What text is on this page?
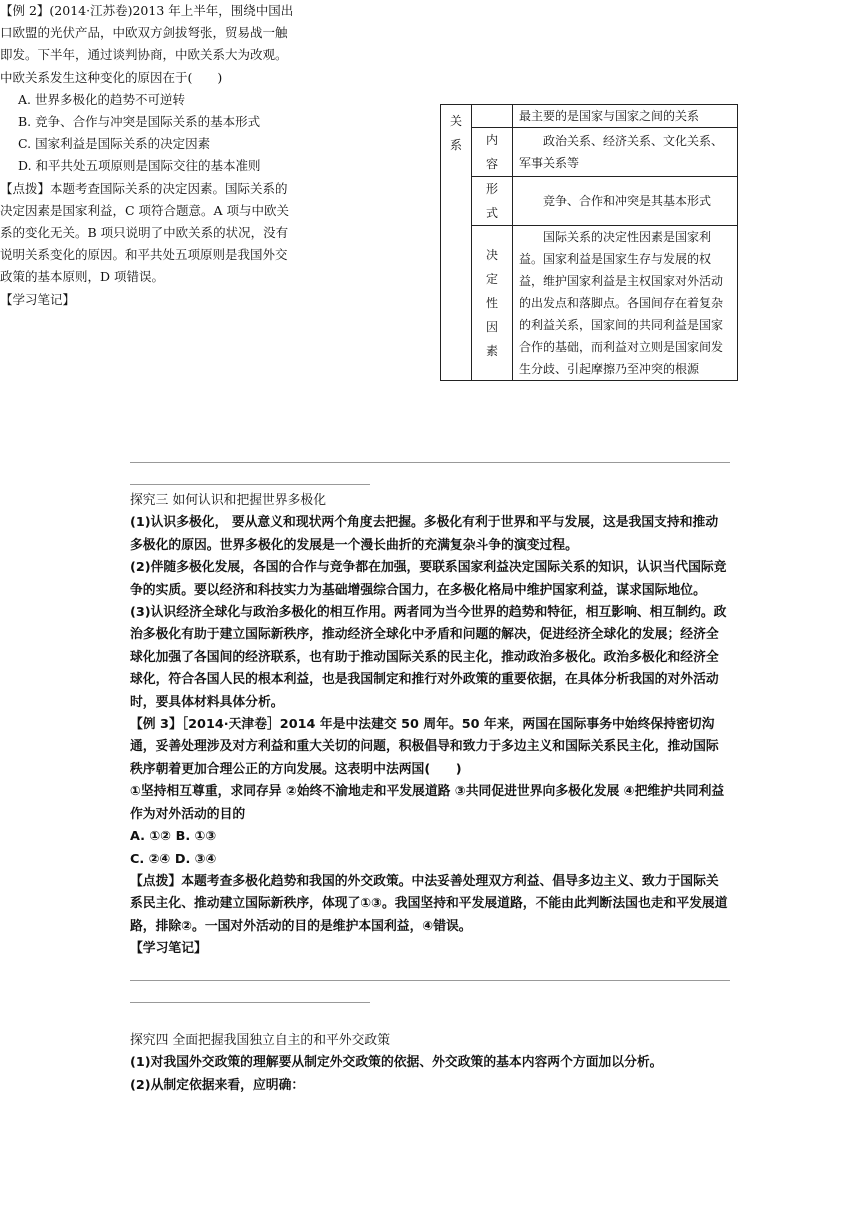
【例 2】(2014·江苏卷)2013 年上半年，围绕中国出

口欧盟的光伏产品，中欧双方剑拔弩张，贸易战一触

即发。下半年，通过谈判协商，中欧关系大为改观。

中欧关系发生这种变化的原因在于(　　)

A. 世界多极化的趋势不可逆转

B. 竞争、合作与冲突是国际关系的基本形式

C. 国家利益是国际关系的决定因素

D. 和平共处五项原则是国际交往的基本准则

【点拨】本题考查国际关系的决定因素。国际关系的

决定因素是国家利益，C 项符合题意。A 项与中欧关

系的变化无关。B 项只说明了中欧关系的状况，没有

说明关系变化的原因。和平共处五项原则是我国外交

政策的基本原则，D 项错误。

【学习笔记】

关系		最主要的是国家与国家之间的关系
	内容	政治关系、经济关系、文化关系、军事关系等
	形式	竞争、合作和冲突是其基本形式
	决定性因素	国际关系的决定性因素是国家利益。国家利益是国家生存与发展的权益，维护国家利益是主权国家对外活动的出发点和落脚点。各国间存在着复杂的利益关系，国家间的共同利益是国家合作的基础，而利益对立则是国家间发生分歧、引起摩擦乃至冲突的根源

探究三 如何认识和把握世界多极化

(1)认识多极化， 要从意义和现状两个角度去把握。多极化有利于世界和平与发展，这是我国支持和推动多极化的原因。世界多极化的发展是一个漫长曲折的充满复杂斗争的演变过程。

(2)伴随多极化发展，各国的合作与竞争都在加强，要联系国家利益决定国际关系的知识，认识当代国际竞争的实质。要以经济和科技实力为基础增强综合国力，在多极化格局中维护国家利益，谋求国际地位。

(3)认识经济全球化与政治多极化的相互作用。两者同为当今世界的趋势和特征，相互影响、相互制约。政治多极化有助于建立国际新秩序，推动经济全球化中矛盾和问题的解决，促进经济全球化的发展；经济全球化加强了各国间的经济联系，也有助于推动国际关系的民主化，推动政治多极化。政治多极化和经济全球化，符合各国人民的根本利益，也是我国制定和推行对外政策的重要依据，在具体分析我国的对外活动时，要具体材料具体分析。

【例 3】［2014·天津卷］2014 年是中法建交 50 周年。50 年来，两国在国际事务中始终保持密切沟通，妥善处理涉及对方利益和重大关切的问题，积极倡导和致力于多边主义和国际关系民主化，推动国际秩序朝着更加合理公正的方向发展。这表明中法两国(　　)

①坚持相互尊重，求同存异 ②始终不渝地走和平发展道路 ③共同促进世界向多极化发展 ④把维护共同利益作为对外活动的目的

A. ①② B. ①③

C. ②④ D. ③④

【点拨】本题考查多极化趋势和我国的外交政策。中法妥善处理双方利益、倡导多边主义、致力于国际关系民主化、推动建立国际新秩序，体现了①③。我国坚持和平发展道路，不能由此判断法国也走和平发展道路，排除②。一国对外活动的目的是维护本国利益，④错误。

【学习笔记】

探究四 全面把握我国独立自主的和平外交政策

(1)对我国外交政策的理解要从制定外交政策的依据、外交政策的基本内容两个方面加以分析。

(2)从制定依据来看，应明确：
